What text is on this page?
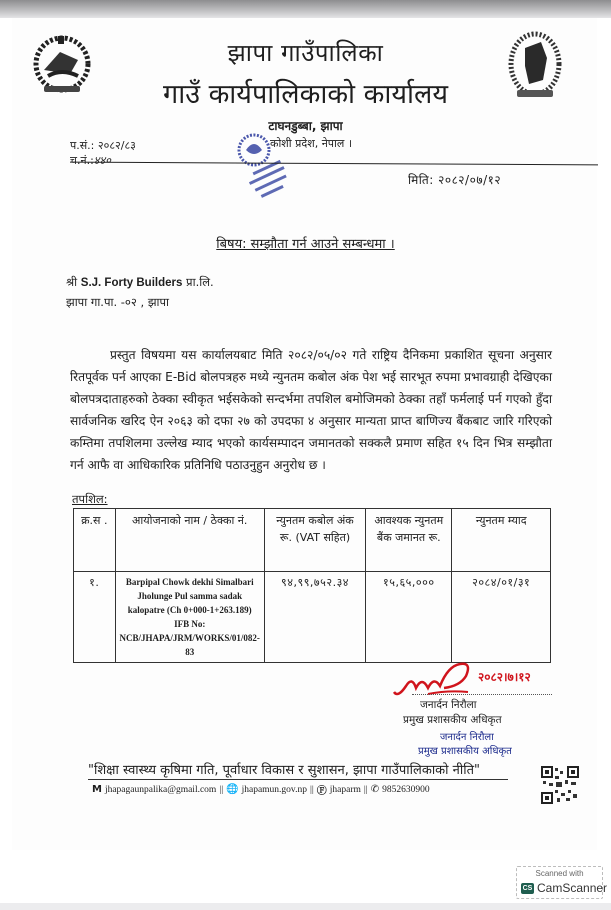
झापा गाउँपालिका
गाउँ कार्यपालिकाको कार्यालय
टाघनडुब्बा, झापा
कोशी प्रदेश, नेपाल ।
प.सं.: २०८२/८३
च.नं.:४४०
मिति: २०८२/०७/१२
बिषय: सम्झौता गर्न आउने सम्बन्धमा ।
श्री S.J. Forty Builders प्रा.लि.
झापा गा.पा. -०२ , झापा
प्रस्तुत विषयमा यस कार्यालयबाट मिति २०८२/०५/०२ गते राष्ट्रिय दैनिकमा प्रकाशित सूचना अनुसार रितपूर्वक पर्न आएका E-Bid बोलपत्रहरु मध्ये न्युनतम कबोल अंक पेश भई सारभूत रुपमा प्रभावग्राही देखिएका बोलपत्रदाताहरुको ठेक्का स्वीकृत भईसकेको सन्दर्भमा तपशिल बमोजिमको ठेक्का तहाँ फर्मलाई पर्न गएको हुँदा सार्वजनिक खरिद ऐन २०६३ को दफा २७ को उपदफा ४ अनुसार मान्यता प्राप्त बाणिज्य बैंकबाट जारि गरिएको कम्तिमा तपशिलमा उल्लेख म्याद भएको कार्यसम्पादन जमानतको सक्कलै प्रमाण सहित १५ दिन भित्र सम्झौता गर्न आफै वा आधिकारिक प्रतिनिधि पठाउनुहुन अनुरोध छ ।
तपशिल:
क्र.स .	आयोजनाको नाम / ठेक्का नं.	न्युनतम कबोल अंक रू. (VAT सहित)	आवश्यक न्युनतम बैंक जमानत रू.	न्युनतम म्याद
१.	Barpipal Chowk dekhi Simalbari Jholunge Pul samma sadak kalopatre (Ch 0+000-1+263.189) IFB No: NCB/JHAPA/JRM/WORKS/01/082-83	९४,९९,७५२.३४	१५,६५,०००	२०८४/०१/३१
२०८२।७।१२
जनार्दन निरौला
प्रमुख प्रशासकीय अधिकृत
जनार्दन निरौला
प्रमुख प्रशासकीय अधिकृत
"शिक्षा स्वास्थ्य कृषिमा गति, पूर्वाधार विकास र सुशासन, झापा गाउँपालिकाको नीति"
M jhapagaunpalika@gmail.com || 🌐 jhapamun.gov.np || Ⓕ jhaparm || ✆ 9852630900
Scanned with
CS CamScanner
